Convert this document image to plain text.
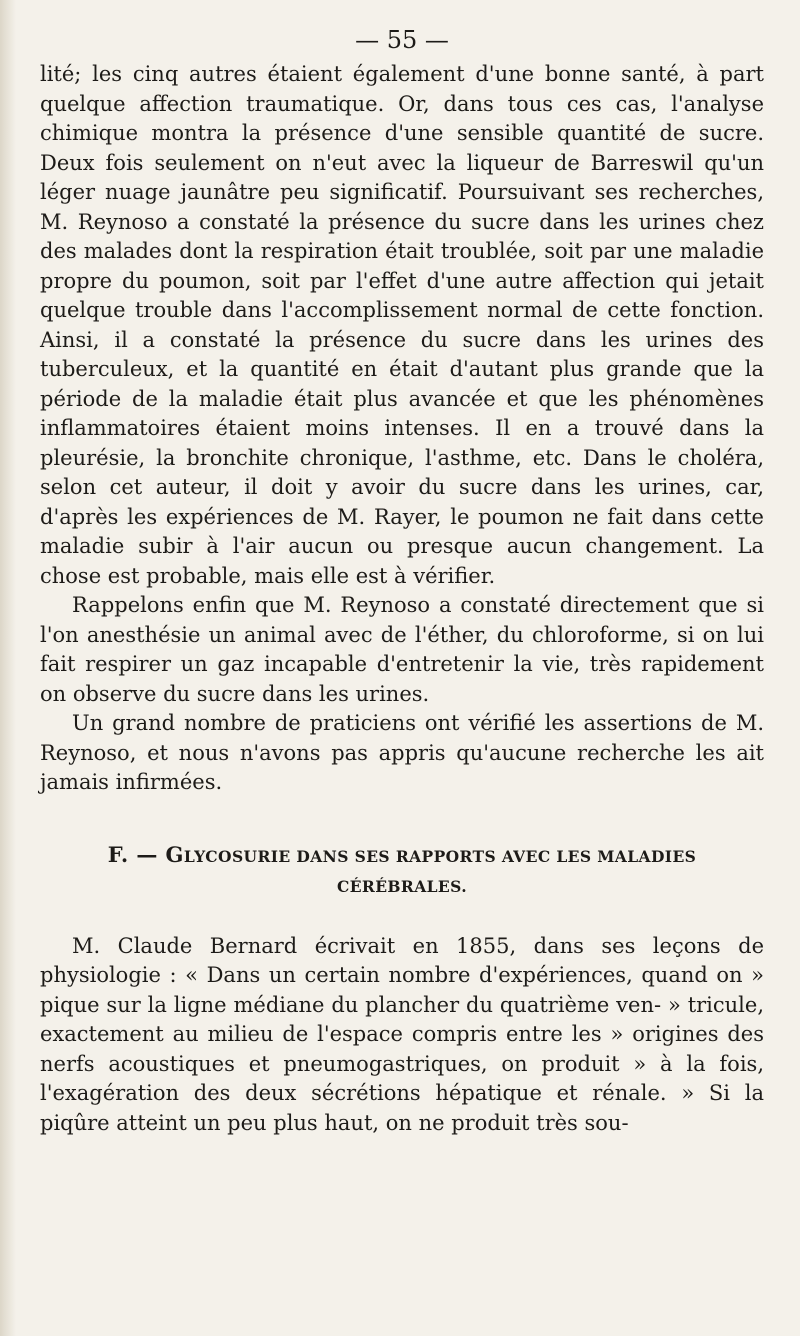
— 55 —

lité; les cinq autres étaient également d'une bonne santé, à part quelque affection traumatique. Or, dans tous ces cas, l'analyse chimique montra la présence d'une sensible quantité de sucre. Deux fois seulement on n'eut avec la liqueur de Barreswil qu'un léger nuage jaunâtre peu significatif. Poursuivant ses recherches, M. Reynoso a constaté la présence du sucre dans les urines chez des malades dont la respiration était troublée, soit par une maladie propre du poumon, soit par l'effet d'une autre affection qui jetait quelque trouble dans l'accomplissement normal de cette fonction. Ainsi, il a constaté la présence du sucre dans les urines des tuberculeux, et la quantité en était d'autant plus grande que la période de la maladie était plus avancée et que les phénomènes inflammatoires étaient moins intenses. Il en a trouvé dans la pleurésie, la bronchite chronique, l'asthme, etc. Dans le choléra, selon cet auteur, il doit y avoir du sucre dans les urines, car, d'après les expériences de M. Rayer, le poumon ne fait dans cette maladie subir à l'air aucun ou presque aucun changement. La chose est probable, mais elle est à vérifier.

Rappelons enfin que M. Reynoso a constaté directement que si l'on anesthésie un animal avec de l'éther, du chloroforme, si on lui fait respirer un gaz incapable d'entretenir la vie, très rapidement on observe du sucre dans les urines.

Un grand nombre de praticiens ont vérifié les assertions de M. Reynoso, et nous n'avons pas appris qu'aucune recherche les ait jamais infirmées.

F. — GLYCOSURIE DANS SES RAPPORTS AVEC LES MALADIES
CÉRÉBRALES.

M. Claude Bernard écrivait en 1855, dans ses leçons de physiologie : « Dans un certain nombre d'expériences, quand on » pique sur la ligne médiane du plancher du quatrième ven- » tricule, exactement au milieu de l'espace compris entre les » origines des nerfs acoustiques et pneumogastriques, on produit » à la fois, l'exagération des deux sécrétions hépatique et rénale. » Si la piqûre atteint un peu plus haut, on ne produit très sou-
